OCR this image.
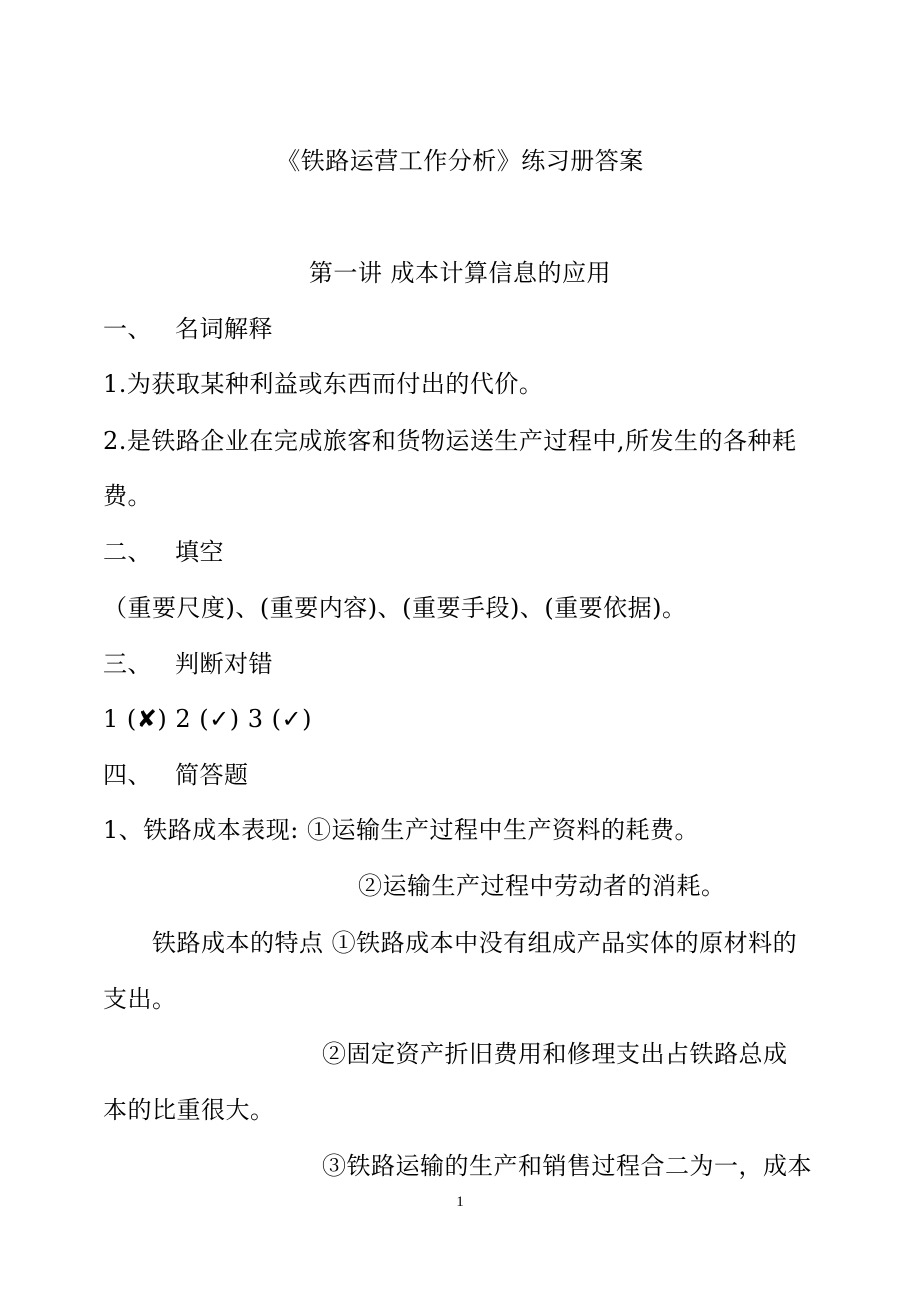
《铁路运营工作分析》练习册答案
第一讲 成本计算信息的应用
一、 名词解释
1.为获取某种利益或东西而付出的代价。
2.是铁路企业在完成旅客和货物运送生产过程中,所发生的各种耗
费。
二、 填空
（重要尺度)、(重要内容)、(重要手段)、(重要依据)。
三、 判断对错
1 (✘) 2 (✓) 3 (✓)
四、 简答题
1、铁路成本表现: ①运输生产过程中生产资料的耗费。
②运输生产过程中劳动者的消耗。
铁路成本的特点 ①铁路成本中没有组成产品实体的原材料的
支出。
②固定资产折旧费用和修理支出占铁路总成
本的比重很大。
③铁路运输的生产和销售过程合二为一，成本
1
